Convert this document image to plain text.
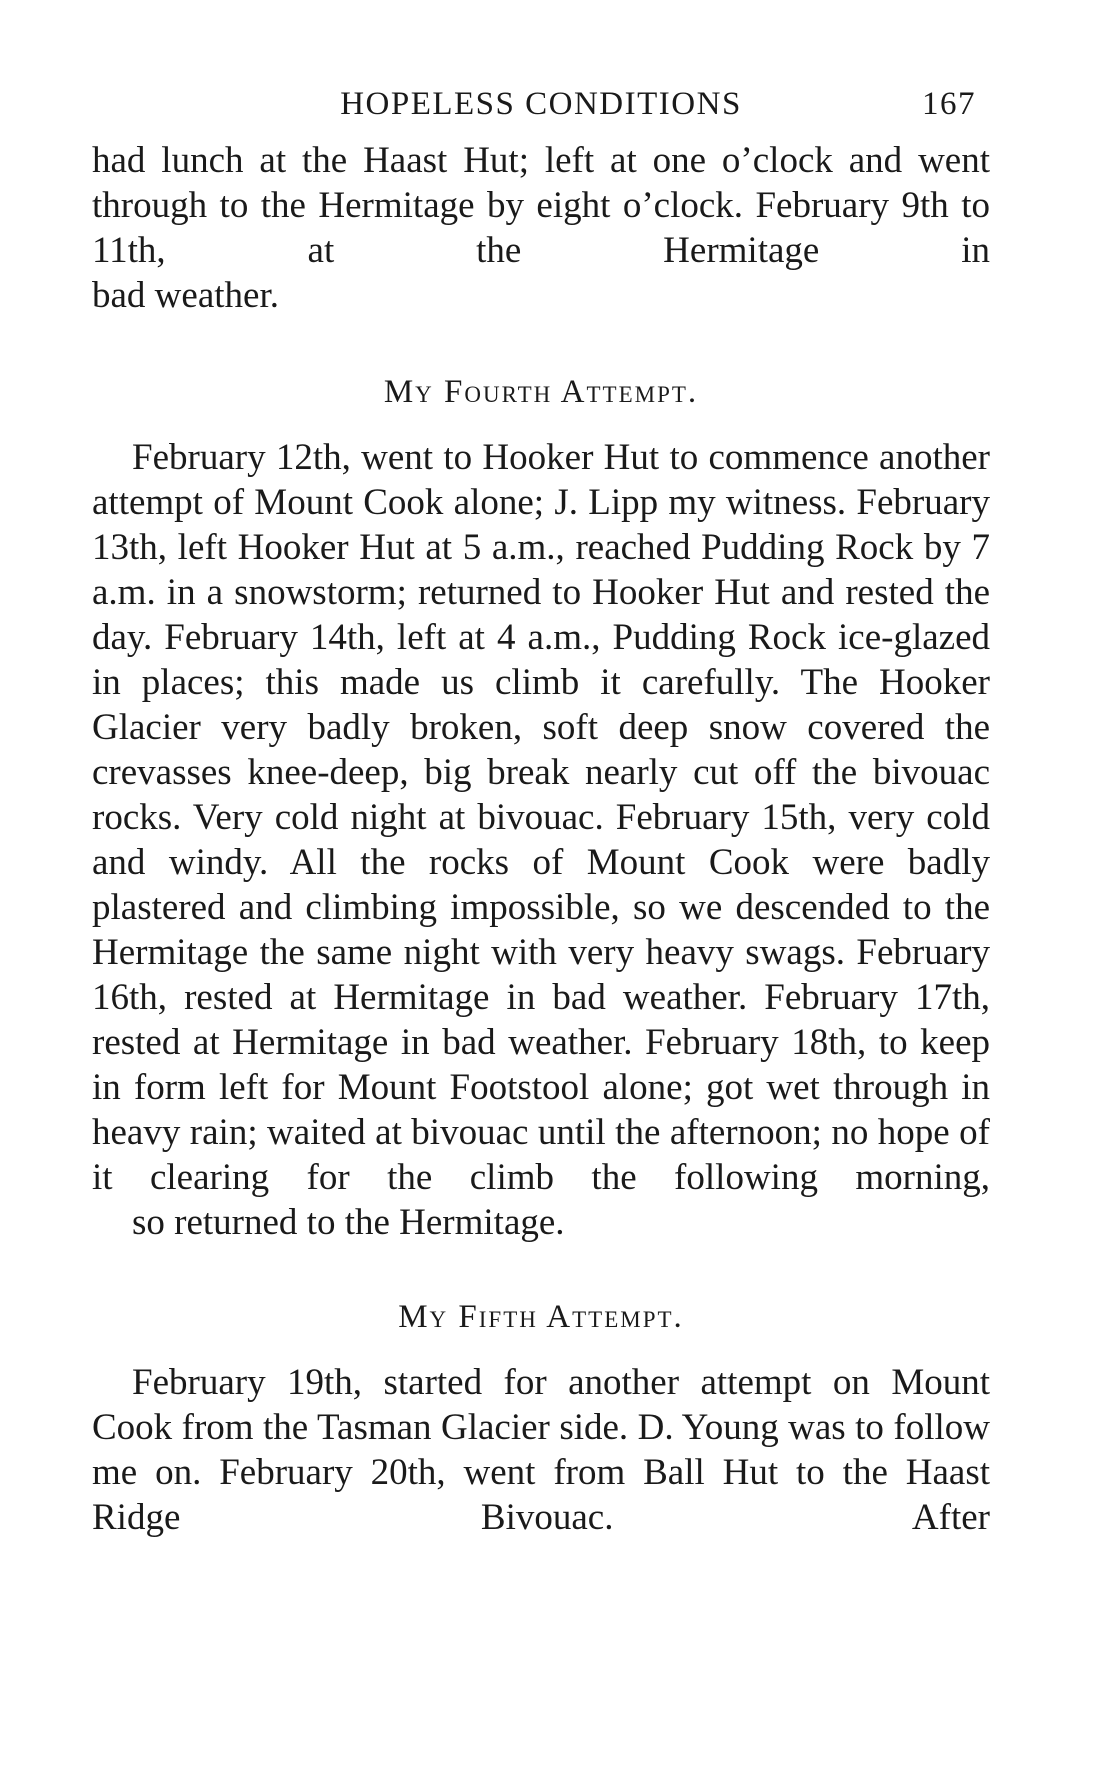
HOPELESS CONDITIONS	167

had lunch at the Haast Hut; left at one o’clock and went through to the Hermitage by eight o’clock. February 9th to 11th, at the Hermitage in
bad weather.

My Fourth Attempt.

February 12th, went to Hooker Hut to commence another attempt of Mount Cook alone; J. Lipp my witness. February 13th, left Hooker Hut at 5 a.m., reached Pudding Rock by 7 a.m. in a snowstorm; returned to Hooker Hut and rested the day. February 14th, left at 4 a.m., Pudding Rock ice-glazed in places; this made us climb it carefully. The Hooker Glacier very badly broken, soft deep snow covered the crevasses knee-deep, big break nearly cut off the bivouac rocks. Very cold night at bivouac. February 15th, very cold and windy. All the rocks of Mount Cook were badly plastered and climbing impossible, so we descended to the Hermitage the same night with very heavy swags. February 16th, rested at Hermitage in bad weather. February 17th, rested at Hermitage in bad weather. February 18th, to keep in form left for Mount Footstool alone; got wet through in heavy rain; waited at bivouac until the afternoon; no hope of it clearing for the climb the following morning,
so returned to the Hermitage.

My Fifth Attempt.

February 19th, started for another attempt on Mount Cook from the Tasman Glacier side. D. Young was to follow me on. February 20th, went from Ball Hut to the Haast Ridge Bivouac. After
